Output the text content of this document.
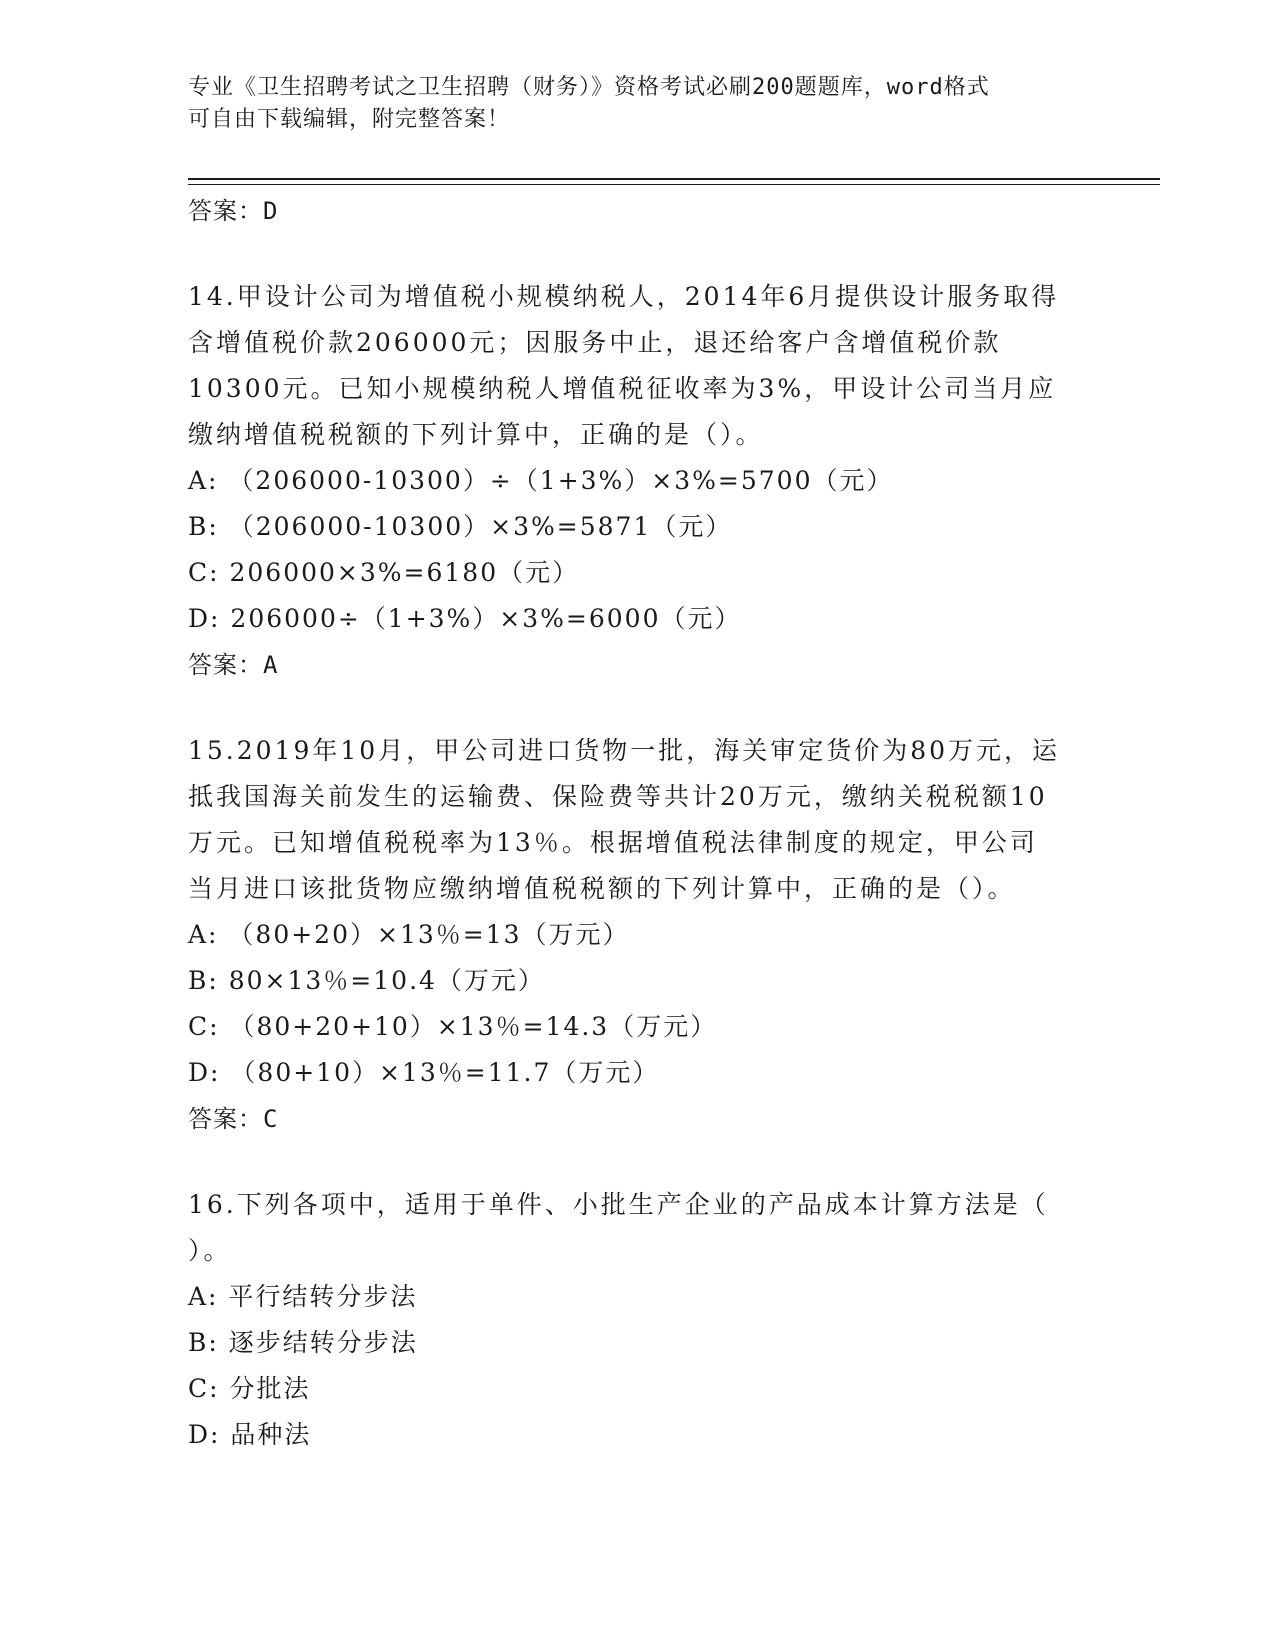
专业《卫生招聘考试之卫生招聘（财务）》资格考试必刷200题题库，word格式
可自由下载编辑，附完整答案！
答案：D
14.甲设计公司为增值税小规模纳税人，2014年6月提供设计服务取得
含增值税价款206000元；因服务中止，退还给客户含增值税价款
10300元。已知小规模纳税人增值税征收率为3%，甲设计公司当月应
缴纳增值税税额的下列计算中，正确的是（）。
A: （206000-10300）÷（1+3%）×3%=5700（元）
B: （206000-10300）×3%=5871（元）
C: 206000×3%=6180（元）
D: 206000÷（1+3%）×3%=6000（元）
答案：A
15.2019年10月，甲公司进口货物一批，海关审定货价为80万元，运
抵我国海关前发生的运输费、保险费等共计20万元，缴纳关税税额10
万元。已知增值税税率为13％。根据增值税法律制度的规定，甲公司
当月进口该批货物应缴纳增值税税额的下列计算中，正确的是（）。
A: （80+20）×13％=13（万元）
B: 80×13％=10.4（万元）
C: （80+20+10）×13％=14.3（万元）
D: （80+10）×13％=11.7（万元）
答案：C
16.下列各项中，适用于单件、小批生产企业的产品成本计算方法是（
）。
A: 平行结转分步法
B: 逐步结转分步法
C: 分批法
D: 品种法
